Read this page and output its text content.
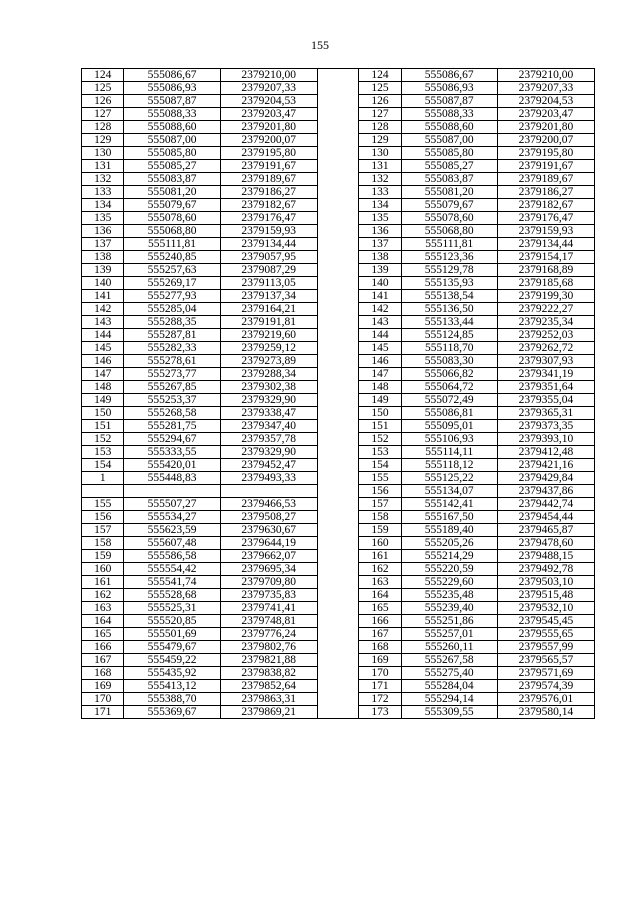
155
124	555086,67	2379210,00		124	555086,67	2379210,00
125	555086,93	2379207,33		125	555086,93	2379207,33
126	555087,87	2379204,53		126	555087,87	2379204,53
127	555088,33	2379203,47		127	555088,33	2379203,47
128	555088,60	2379201,80		128	555088,60	2379201,80
129	555087,00	2379200,07		129	555087,00	2379200,07
130	555085,80	2379195,80		130	555085,80	2379195,80
131	555085,27	2379191,67		131	555085,27	2379191,67
132	555083,87	2379189,67		132	555083,87	2379189,67
133	555081,20	2379186,27		133	555081,20	2379186,27
134	555079,67	2379182,67		134	555079,67	2379182,67
135	555078,60	2379176,47		135	555078,60	2379176,47
136	555068,80	2379159,93		136	555068,80	2379159,93
137	555111,81	2379134,44		137	555111,81	2379134,44
138	555240,85	2379057,95		138	555123,36	2379154,17
139	555257,63	2379087,29		139	555129,78	2379168,89
140	555269,17	2379113,05		140	555135,93	2379185,68
141	555277,93	2379137,34		141	555138,54	2379199,30
142	555285,04	2379164,21		142	555136,50	2379222,27
143	555288,35	2379191,81		143	555133,44	2379235,34
144	555287,81	2379219,60		144	555124,85	2379252,03
145	555282,33	2379259,12		145	555118,70	2379262,72
146	555278,61	2379273,89		146	555083,30	2379307,93
147	555273,77	2379288,34		147	555066,82	2379341,19
148	555267,85	2379302,38		148	555064,72	2379351,64
149	555253,37	2379329,90		149	555072,49	2379355,04
150	555268,58	2379338,47		150	555086,81	2379365,31
151	555281,75	2379347,40		151	555095,01	2379373,35
152	555294,67	2379357,78		152	555106,93	2379393,10
153	555333,55	2379329,90		153	555114,11	2379412,48
154	555420,01	2379452,47		154	555118,12	2379421,16
1	555448,83	2379493,33		155	555125,22	2379429,84
				156	555134,07	2379437,86
155	555507,27	2379466,53		157	555142,41	2379442,74
156	555534,27	2379508,27		158	555167,50	2379454,44
157	555623,59	2379630,67		159	555189,40	2379465,87
158	555607,48	2379644,19		160	555205,26	2379478,60
159	555586,58	2379662,07		161	555214,29	2379488,15
160	555554,42	2379695,34		162	555220,59	2379492,78
161	555541,74	2379709,80		163	555229,60	2379503,10
162	555528,68	2379735,83		164	555235,48	2379515,48
163	555525,31	2379741,41		165	555239,40	2379532,10
164	555520,85	2379748,81		166	555251,86	2379545,45
165	555501,69	2379776,24		167	555257,01	2379555,65
166	555479,67	2379802,76		168	555260,11	2379557,99
167	555459,22	2379821,88		169	555267,58	2379565,57
168	555435,92	2379838,82		170	555275,40	2379571,69
169	555413,12	2379852,64		171	555284,04	2379574,39
170	555388,70	2379863,31		172	555294,14	2379576,01
171	555369,67	2379869,21		173	555309,55	2379580,14
